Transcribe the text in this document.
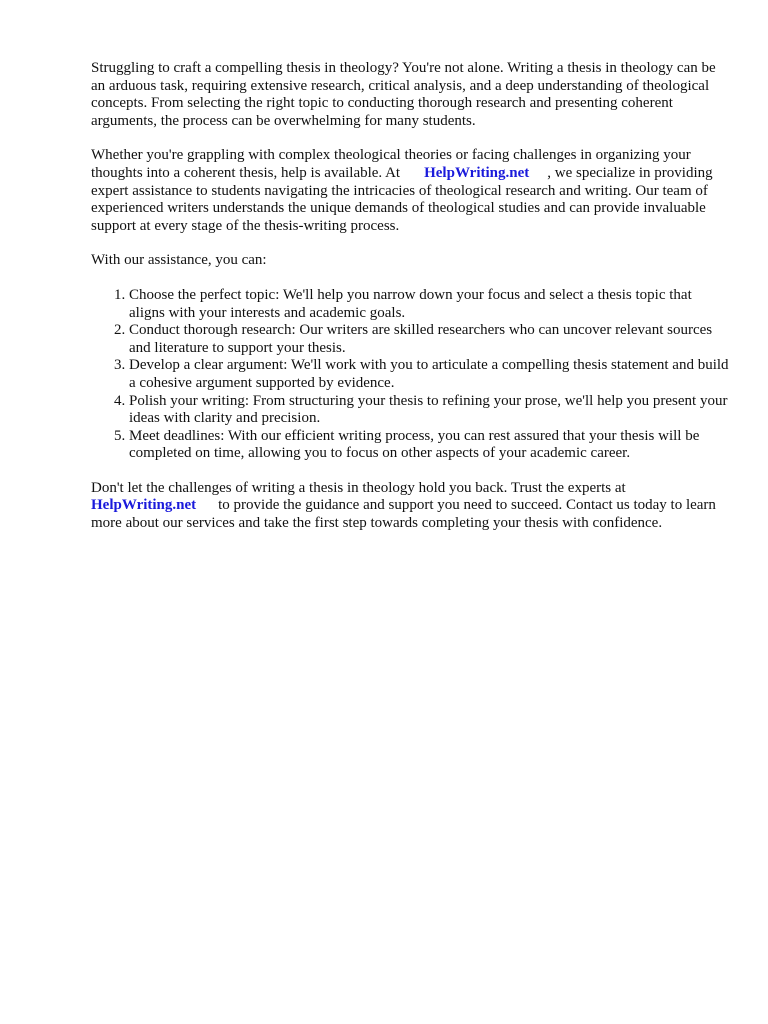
Struggling to craft a compelling thesis in theology? You're not alone. Writing a thesis in theology can be an arduous task, requiring extensive research, critical analysis, and a deep understanding of theological concepts. From selecting the right topic to conducting thorough research and presenting coherent arguments, the process can be overwhelming for many students.

Whether you're grappling with complex theological theories or facing challenges in organizing your thoughts into a coherent thesis, help is available. At HelpWriting.net , we specialize in providing expert assistance to students navigating the intricacies of theological research and writing. Our team of experienced writers understands the unique demands of theological studies and can provide invaluable support at every stage of the thesis-writing process.

With our assistance, you can:

1. Choose the perfect topic: We'll help you narrow down your focus and select a thesis topic that aligns with your interests and academic goals.
2. Conduct thorough research: Our writers are skilled researchers who can uncover relevant sources and literature to support your thesis.
3. Develop a clear argument: We'll work with you to articulate a compelling thesis statement and build a cohesive argument supported by evidence.
4. Polish your writing: From structuring your thesis to refining your prose, we'll help you present your ideas with clarity and precision.
5. Meet deadlines: With our efficient writing process, you can rest assured that your thesis will be completed on time, allowing you to focus on other aspects of your academic career.

Don't let the challenges of writing a thesis in theology hold you back. Trust the experts at
HelpWriting.net to provide the guidance and support you need to succeed. Contact us today to learn more about our services and take the first step towards completing your thesis with confidence.
